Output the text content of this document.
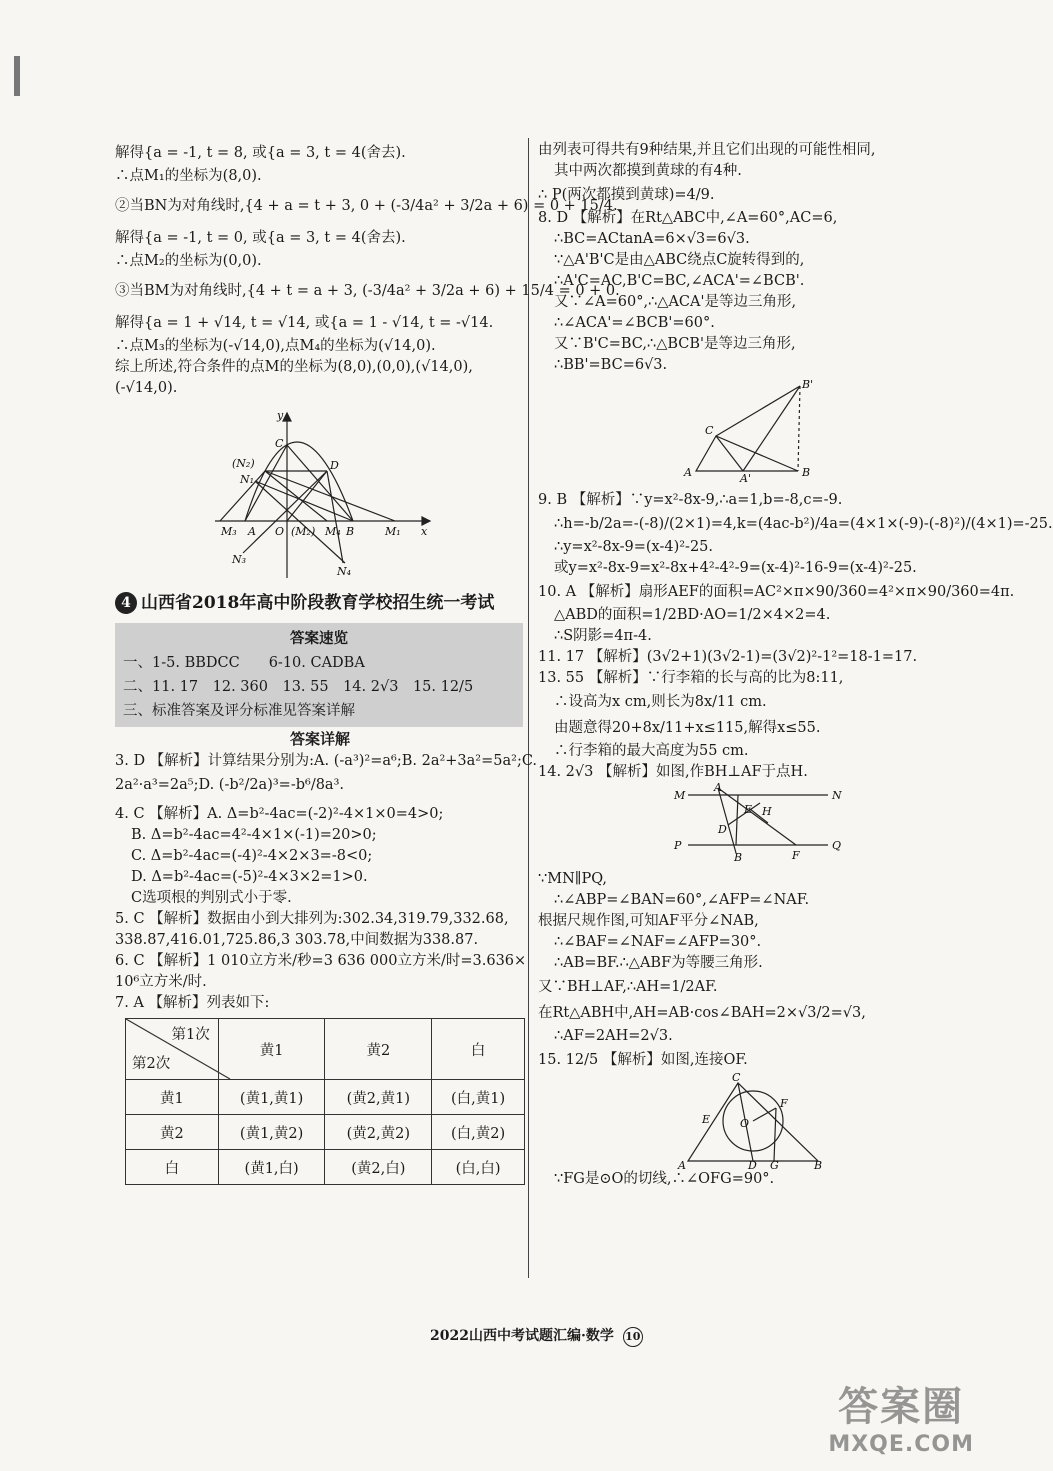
解得{a = -1, t = 8, 或{a = 3, t = 4(舍去).
∴点M₁的坐标为(8,0).
②当BN为对角线时,{4 + a = t + 3, 0 + (-3/4a² + 3/2a + 6) = 0 + 15/4.
解得{a = -1, t = 0, 或{a = 3, t = 4(舍去).
∴点M₂的坐标为(0,0).
③当BM为对角线时,{4 + t = a + 3, (-3/4a² + 3/2a + 6) + 15/4 = 0 + 0.
解得{a = 1 + √14, t = √14, 或{a = 1 - √14, t = -√14.
∴点M₃的坐标为(-√14,0),点M₄的坐标为(√14,0).
综上所述,符合条件的点M的坐标为(8,0),(0,0),(√14,0),
(-√14,0).
y
C
D
(N₂)
N₁
M₃ A O (M₂) M₄ B	M₁ x
N₃
N₄
4 山西省2018年高中阶段教育学校招生统一考试
答案速览
一、1-5. BBDCC　　6-10. CADBA
二、11. 17　12. 360　13. 55　14. 2√3　15. 12/5
三、标准答案及评分标准见答案详解
答案详解
3. D 【解析】计算结果分别为:A. (-a³)²=a⁶;B. 2a²+3a²=5a²;C.
2a²·a³=2a⁵;D. (-b²/2a)³=-b⁶/8a³.
4. C 【解析】A. Δ=b²-4ac=(-2)²-4×1×0=4>0;
B. Δ=b²-4ac=4²-4×1×(-1)=20>0;
C. Δ=b²-4ac=(-4)²-4×2×3=-8<0;
D. Δ=b²-4ac=(-5)²-4×3×2=1>0.
C选项根的判别式小于零.
5. C 【解析】数据由小到大排列为:302.34,319.79,332.68,
338.87,416.01,725.86,3 303.78,中间数据为338.87.
6. C 【解析】1 010立方米/秒=3 636 000立方米/时=3.636×
10⁶立方米/时.
7. A 【解析】列表如下:
第1次
第2次	黄1	黄2	白
黄1	(黄1,黄1)	(黄2,黄1)	(白,黄1)
黄2	(黄1,黄2)	(黄2,黄2)	(白,黄2)
白	(黄1,白)	(黄2,白)	(白,白)
由列表可得共有9种结果,并且它们出现的可能性相同,
其中两次都摸到黄球的有4种.
∴ P(两次都摸到黄球)=4/9.
8. D 【解析】在Rt△ABC中,∠A=60°,AC=6,
∴BC=ACtanA=6×√3=6√3.
∵△A'B'C是由△ABC绕点C旋转得到的,
∴A'C=AC,B'C=BC,∠ACA'=∠BCB'.
又∵∠A=60°,∴△ACA'是等边三角形,
∴∠ACA'=∠BCB'=60°.
又∵B'C=BC,∴△BCB'是等边三角形,
∴BB'=BC=6√3.
B'
C
A	A'	B
9. B 【解析】∵y=x²-8x-9,∴a=1,b=-8,c=-9.
∴h=-b/2a=-(-8)/(2×1)=4,k=(4ac-b²)/4a=(4×1×(-9)-(-8)²)/(4×1)=-25.
∴y=x²-8x-9=(x-4)²-25.
或y=x²-8x-9=x²-8x+4²-4²-9=(x-4)²-16-9=(x-4)²-25.
10. A 【解析】扇形AEF的面积=AC²×π×90/360=4²×π×90/360=4π.
△ABD的面积=1/2BD·AO=1/2×4×2=4.
∴S阴影=4π-4.
11. 17 【解析】(3√2+1)(3√2-1)=(3√2)²-1²=18-1=17.
13. 55 【解析】∵行李箱的长与高的比为8:11,
∴设高为x cm,则长为8x/11 cm.
由题意得20+8x/11+x≤115,解得x≤55.
∴行李箱的最大高度为55 cm.
14. 2√3 【解析】如图,作BH⊥AF于点H.
M
A
E H
N
D
P
B	F
Q
∵MN∥PQ,
∴∠ABP=∠BAN=60°,∠AFP=∠NAF.
根据尺规作图,可知AF平分∠NAB,
∴∠BAF=∠NAF=∠AFP=30°.
∴AB=BF.∴△ABF为等腰三角形.
又∵BH⊥AF,∴AH=1/2AF.
在Rt△ABH中,AH=AB·cos∠BAH=2×√3/2=√3,
∴AF=2AH=2√3.
15. 12/5 【解析】如图,连接OF.
C
E	O
F
A	D G	B
∵FG是⊙O的切线,∴∠OFG=90°.
2022山西中考试题汇编·数学 10
答案圈
MXQE.COM
